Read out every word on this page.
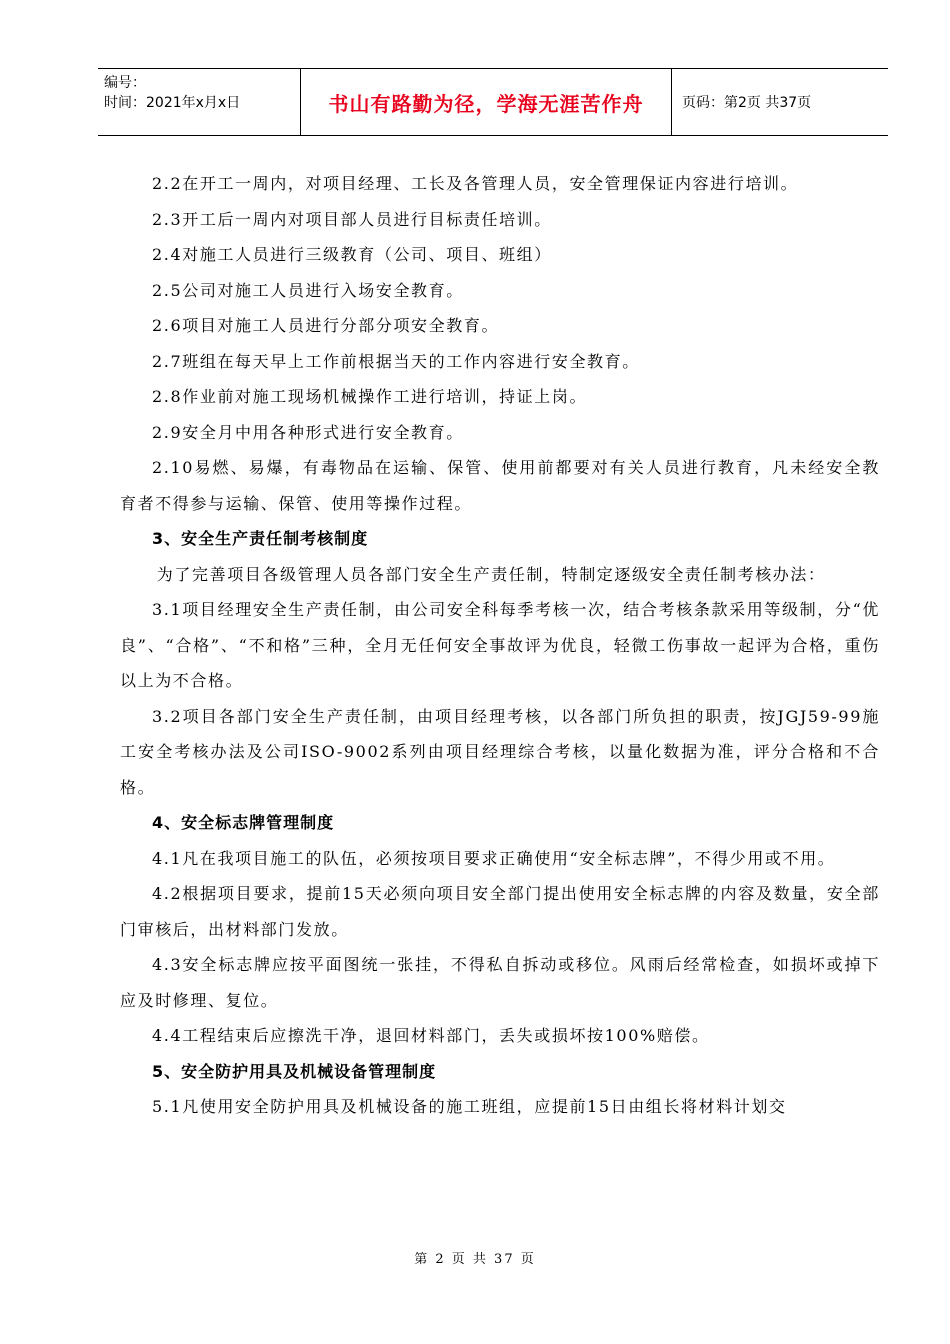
编号：
时间：2021年x月x日	书山有路勤为径，学海无涯苦作舟	页码：第2页 共37页

2.2在开工一周内，对项目经理、工长及各管理人员，安全管理保证内容进行培训。

2.3开工后一周内对项目部人员进行目标责任培训。

2.4对施工人员进行三级教育（公司、项目、班组）

2.5公司对施工人员进行入场安全教育。

2.6项目对施工人员进行分部分项安全教育。

2.7班组在每天早上工作前根据当天的工作内容进行安全教育。

2.8作业前对施工现场机械操作工进行培训，持证上岗。

2.9安全月中用各种形式进行安全教育。

2.10易燃、易爆，有毒物品在运输、保管、使用前都要对有关人员进行教育，凡未经安全教育者不得参与运输、保管、使用等操作过程。

3、安全生产责任制考核制度

为了完善项目各级管理人员各部门安全生产责任制，特制定逐级安全责任制考核办法：

3.1项目经理安全生产责任制，由公司安全科每季考核一次，结合考核条款采用等级制，分“优良”、“合格”、“不和格”三种，全月无任何安全事故评为优良，轻微工伤事故一起评为合格，重伤以上为不合格。

3.2项目各部门安全生产责任制，由项目经理考核，以各部门所负担的职责，按JGJ59-99施工安全考核办法及公司ISO-9002系列由项目经理综合考核，以量化数据为准，评分合格和不合格。

4、安全标志牌管理制度

4.1凡在我项目施工的队伍，必须按项目要求正确使用“安全标志牌”，不得少用或不用。

4.2根据项目要求，提前15天必须向项目安全部门提出使用安全标志牌的内容及数量，安全部门审核后，出材料部门发放。

4.3安全标志牌应按平面图统一张挂，不得私自拆动或移位。风雨后经常检查，如损坏或掉下应及时修理、复位。

4.4工程结束后应擦洗干净，退回材料部门，丢失或损坏按100%赔偿。

5、安全防护用具及机械设备管理制度

5.1凡使用安全防护用具及机械设备的施工班组，应提前15日由组长将材料计划交

第 2 页 共 37 页
